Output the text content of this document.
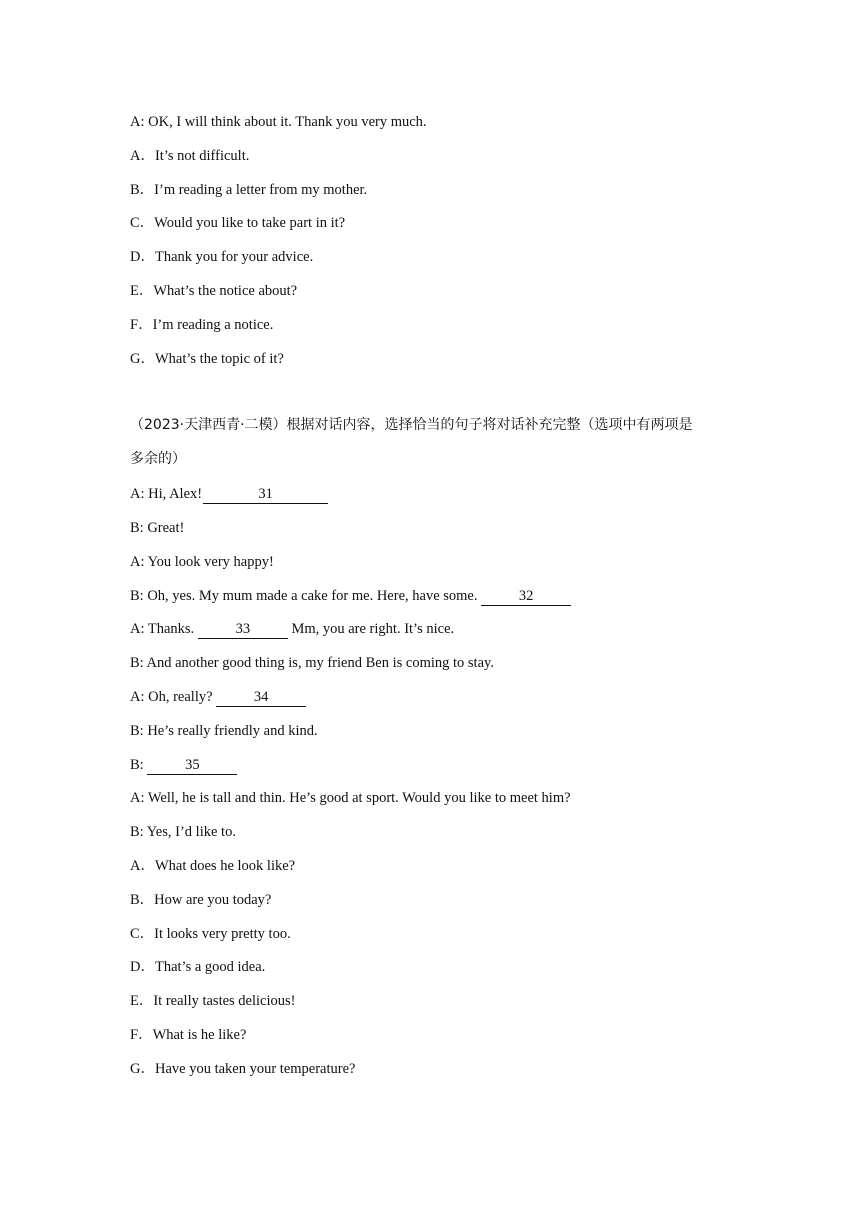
A: OK, I will think about it. Thank you very much.
A．It’s not difficult.
B．I’m reading a letter from my mother.
C．Would you like to take part in it?
D．Thank you for your advice.
E．What’s the notice about?
F．I’m reading a notice.
G．What’s the topic of it?
（2023·天津西青·二模）根据对话内容，选择恰当的句子将对话补充完整（选项中有两项是
多余的）
A: Hi, Alex!	31
B: Great!
A: You look very happy!
B: Oh, yes. My mum made a cake for me. Here, have some.	32
A: Thanks.	33	Mm, you are right. It’s nice.
B: And another good thing is, my friend Ben is coming to stay.
A: Oh, really?	34
B: He’s really friendly and kind.
B:	35
A: Well, he is tall and thin. He’s good at sport. Would you like to meet him?
B: Yes, I’d like to.
A．What does he look like?
B．How are you today?
C．It looks very pretty too.
D．That’s a good idea.
E．It really tastes delicious!
F．What is he like?
G．Have you taken your temperature?
